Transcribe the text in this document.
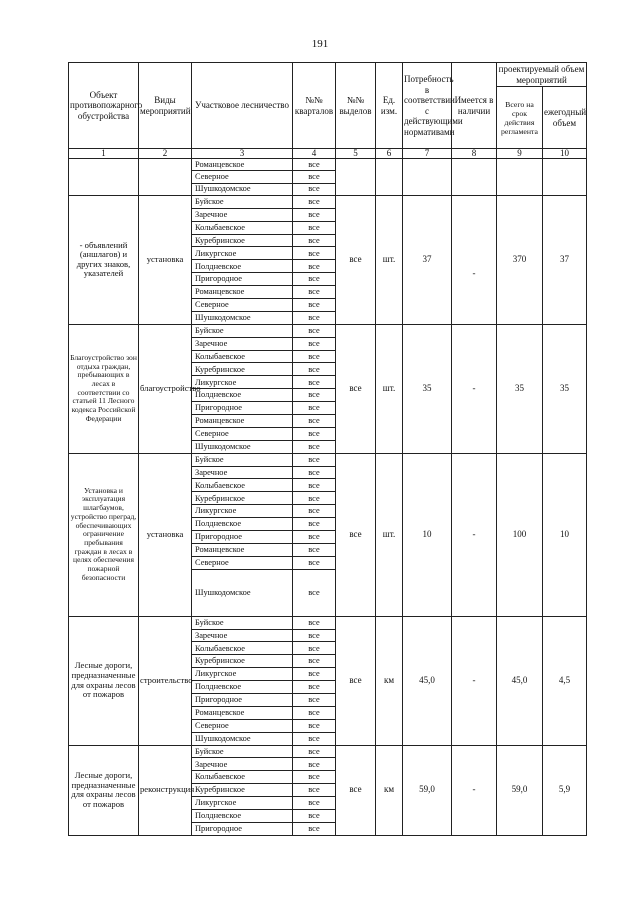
191
Объект противопожарного обустройства	Виды мероприятий	Участковое лесничество	№№ кварталов	№№ выделов	Ед. изм.	Потребность в соответствии с действующими нормативами	Имеется в наличии	проектируемый объем мероприятий	
								Всего на срок действия регламента	ежегодный объем
1	2	3	4	5	6	7	8	9	10
		Романцевское	все						
		Северное	все						
		Шушкодомское	все						
- объявлений (аншлагов) и других знаков, указателей	установка	Буйское	все	все	шт.	37	-	370	37
		Заречное	все						
		Колыбаевское	все						
		Куребринское	все						
		Ликургское	все						
		Полдневское	все						
		Пригородное	все						
		Романцевское	все						
		Северное	все						
		Шушкодомское	все						
Благоустройство зон отдыха граждан, пребывающих в лесах в соответствии со статьей 11 Лесного кодекса Российской Федерации	благоустройство	Буйское	все	все	шт.	35	-	35	35
		Заречное	все						
		Колыбаевское	все						
		Куребринское	все						
		Ликургское	все						
		Полдневское	все						
		Пригородное	все						
		Романцевское	все						
		Северное	все						
		Шушкодомское	все						
Установка и эксплуатация шлагбаумов, устройство преград, обеспечивающих ограничение пребывания граждан в лесах в целях обеспечения пожарной безопасности	установка	Буйское	все	все	шт.	10	-	100	10
		Заречное	все						
		Колыбаевское	все						
		Куребринское	все						
		Ликургское	все						
		Полдневское	все						
		Пригородное	все						
		Романцевское	все						
		Северное	все						
		Шушкодомское	все						
Лесные дороги, предназначенные для охраны лесов от пожаров	строительство	Буйское	все	все	км	45,0	-	45,0	4,5
		Заречное	все						
		Колыбаевское	все						
		Куребринское	все						
		Ликургское	все						
		Полдневское	все						
		Пригородное	все						
		Романцевское	все						
		Северное	все						
		Шушкодомское	все						
Лесные дороги, предназначенные для охраны лесов от пожаров	реконструкция	Буйское	все	все	км	59,0	-	59,0	5,9
		Заречное	все						
		Колыбаевское	все						
		Куребринское	все						
		Ликургское	все						
		Полдневское	все						
		Пригородное	все						
